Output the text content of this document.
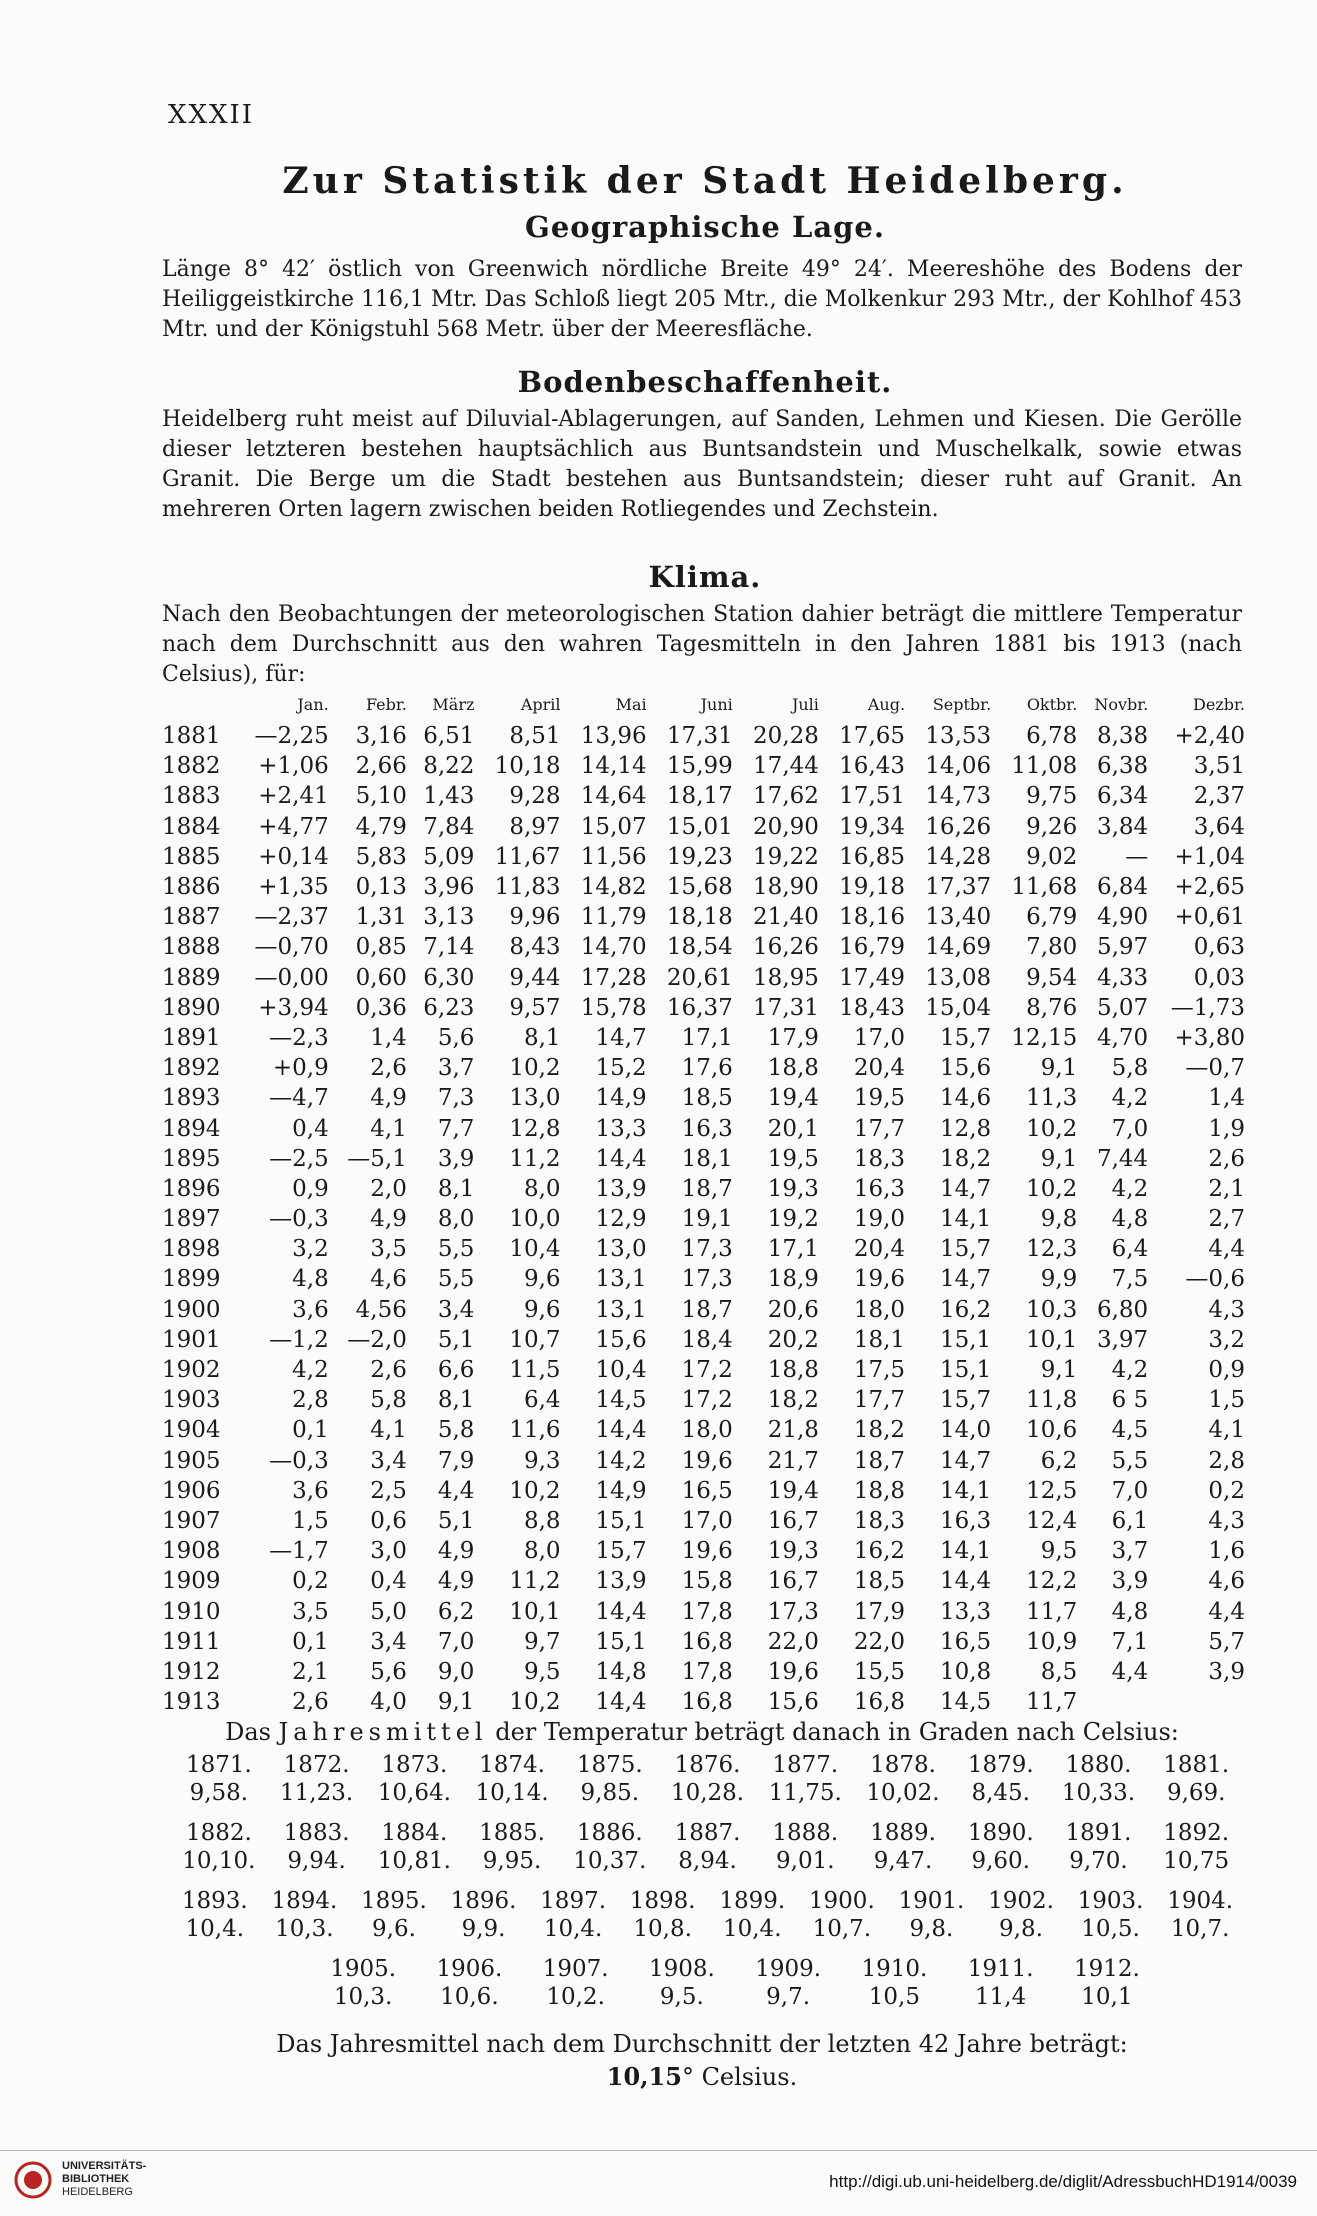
XXXII
Zur Statistik der Stadt Heidelberg.
Geographische Lage.

Länge 8° 42′ östlich von Greenwich nördliche Breite 49° 24′. Meereshöhe des Bodens der Heiliggeistkirche 116,1 Mtr. Das Schloß liegt 205 Mtr., die Molkenkur 293 Mtr., der Kohlhof 453 Mtr. und der Königstuhl 568 Metr. über der Meeresfläche.

Bodenbeschaffenheit.

Heidelberg ruht meist auf Diluvial-Ablagerungen, auf Sanden, Lehmen und Kiesen. Die Gerölle dieser letzteren bestehen hauptsächlich aus Buntsandstein und Muschelkalk, sowie etwas Granit. Die Berge um die Stadt bestehen aus Buntsandstein; dieser ruht auf Granit. An mehreren Orten lagern zwischen beiden Rotliegendes und Zechstein.

Klima.

Nach den Beobachtungen der meteorologischen Station dahier beträgt die mittlere Temperatur nach dem Durchschnitt aus den wahren Tagesmitteln in den Jahren 1881 bis 1913 (nach Celsius), für:

	Jan.	Febr.	März	April	Mai	Juni	Juli	Aug.	Septbr.	Oktbr.	Novbr.	Dezbr.
1881	—2,25	3,16	6,51	8,51	13,96	17,31	20,28	17,65	13,53	6,78	8,38	+2,40
1882	+1,06	2,66	8,22	10,18	14,14	15,99	17,44	16,43	14,06	11,08	6,38	3,51
1883	+2,41	5,10	1,43	9,28	14,64	18,17	17,62	17,51	14,73	9,75	6,34	2,37
1884	+4,77	4,79	7,84	8,97	15,07	15,01	20,90	19,34	16,26	9,26	3,84	3,64
1885	+0,14	5,83	5,09	11,67	11,56	19,23	19,22	16,85	14,28	9,02	—	+1,04
1886	+1,35	0,13	3,96	11,83	14,82	15,68	18,90	19,18	17,37	11,68	6,84	+2,65
1887	—2,37	1,31	3,13	9,96	11,79	18,18	21,40	18,16	13,40	6,79	4,90	+0,61
1888	—0,70	0,85	7,14	8,43	14,70	18,54	16,26	16,79	14,69	7,80	5,97	0,63
1889	—0,00	0,60	6,30	9,44	17,28	20,61	18,95	17,49	13,08	9,54	4,33	0,03
1890	+3,94	0,36	6,23	9,57	15,78	16,37	17,31	18,43	15,04	8,76	5,07	—1,73
1891	—2,3	1,4	5,6	8,1	14,7	17,1	17,9	17,0	15,7	12,15	4,70	+3,80
1892	+0,9	2,6	3,7	10,2	15,2	17,6	18,8	20,4	15,6	9,1	5,8	—0,7
1893	—4,7	4,9	7,3	13,0	14,9	18,5	19,4	19,5	14,6	11,3	4,2	1,4
1894	0,4	4,1	7,7	12,8	13,3	16,3	20,1	17,7	12,8	10,2	7,0	1,9
1895	—2,5	—5,1	3,9	11,2	14,4	18,1	19,5	18,3	18,2	9,1	7,44	2,6
1896	0,9	2,0	8,1	8,0	13,9	18,7	19,3	16,3	14,7	10,2	4,2	2,1
1897	—0,3	4,9	8,0	10,0	12,9	19,1	19,2	19,0	14,1	9,8	4,8	2,7
1898	3,2	3,5	5,5	10,4	13,0	17,3	17,1	20,4	15,7	12,3	6,4	4,4
1899	4,8	4,6	5,5	9,6	13,1	17,3	18,9	19,6	14,7	9,9	7,5	—0,6
1900	3,6	4,56	3,4	9,6	13,1	18,7	20,6	18,0	16,2	10,3	6,80	4,3
1901	—1,2	—2,0	5,1	10,7	15,6	18,4	20,2	18,1	15,1	10,1	3,97	3,2
1902	4,2	2,6	6,6	11,5	10,4	17,2	18,8	17,5	15,1	9,1	4,2	0,9
1903	2,8	5,8	8,1	6,4	14,5	17,2	18,2	17,7	15,7	11,8	6 5	1,5
1904	0,1	4,1	5,8	11,6	14,4	18,0	21,8	18,2	14,0	10,6	4,5	4,1
1905	—0,3	3,4	7,9	9,3	14,2	19,6	21,7	18,7	14,7	6,2	5,5	2,8
1906	3,6	2,5	4,4	10,2	14,9	16,5	19,4	18,8	14,1	12,5	7,0	0,2
1907	1,5	0,6	5,1	8,8	15,1	17,0	16,7	18,3	16,3	12,4	6,1	4,3
1908	—1,7	3,0	4,9	8,0	15,7	19,6	19,3	16,2	14,1	9,5	3,7	1,6
1909	0,2	0,4	4,9	11,2	13,9	15,8	16,7	18,5	14,4	12,2	3,9	4,6
1910	3,5	5,0	6,2	10,1	14,4	17,8	17,3	17,9	13,3	11,7	4,8	4,4
1911	0,1	3,4	7,0	9,7	15,1	16,8	22,0	22,0	16,5	10,9	7,1	5,7
1912	2,1	5,6	9,0	9,5	14,8	17,8	19,6	15,5	10,8	8,5	4,4	3,9
1913	2,6	4,0	9,1	10,2	14,4	16,8	15,6	16,8	14,5	11,7		
Das Jahresmittel der Temperatur beträgt danach in Graden nach Celsius:
1871.	1872.	1873.	1874.	1875.	1876.	1877.	1878.	1879.	1880.	1881.
9,58.	11,23.	10,64.	10,14.	9,85.	10,28.	11,75.	10,02.	8,45.	10,33.	9,69.
1882.	1883.	1884.	1885.	1886.	1887.	1888.	1889.	1890.	1891.	1892.
10,10.	9,94.	10,81.	9,95.	10,37.	8,94.	9,01.	9,47.	9,60.	9,70.	10,75
1893.	1894.	1895.	1896.	1897.	1898.	1899.	1900.	1901.	1902.	1903.	1904.
10,4.	10,3.	9,6.	9,9.	10,4.	10,8.	10,4.	10,7.	9,8.	9,8.	10,5.	10,7.
1905.	1906.	1907.	1908.	1909.	1910.	1911.	1912.
10,3.	10,6.	10,2.	9,5.	9,7.	10,5	11,4	10,1
Das Jahresmittel nach dem Durchschnitt der letzten 42 Jahre beträgt:
10,15° Celsius.
UNIVERSITÄTS-
BIBLIOTHEK
HEIDELBERG
http://digi.ub.uni-heidelberg.de/diglit/AdressbuchHD1914/0039
